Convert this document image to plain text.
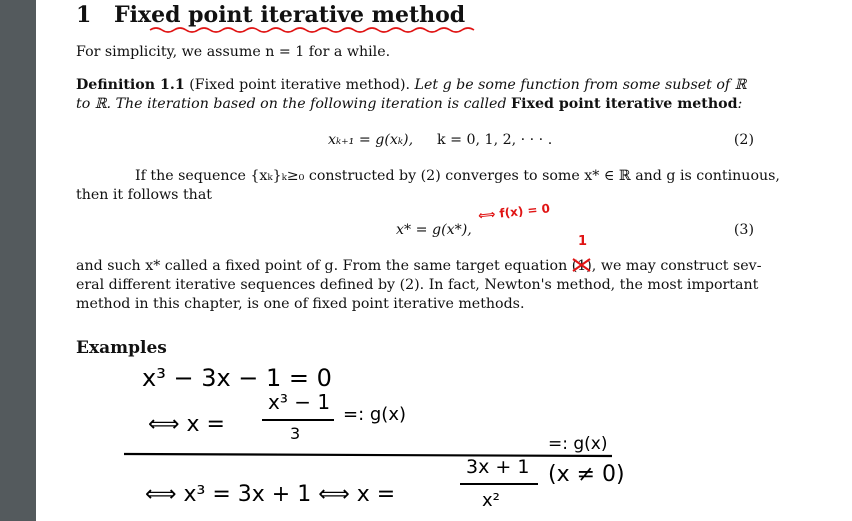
1 Fixed point iterative method
For simplicity, we assume n = 1 for a while.
Definition 1.1 (Fixed point iterative method). Let g be some function from some subset of ℝ
to ℝ. The iteration based on the following iteration is called Fixed point iterative method:
xₖ₊₁ = g(xₖ), k = 0, 1, 2, · · · .	(2)
If the sequence {xₖ}ₖ≥₀ constructed by (2) converges to some x* ∈ ℝ and g is continuous,
then it follows that
x* = g(x*),	(3)
⟺ f(x) = 0
1
and such x* called a fixed point of g. From the same target equation (1), we may construct sev-
eral different iterative sequences defined by (2). In fact, Newton's method, the most important
method in this chapter, is one of fixed point iterative methods.
Examples
x³ − 3x − 1 = 0
⟺ x =
x³ − 1
3
=: g(x)
⟺ x³ = 3x + 1 ⟺ x =
3x + 1
x²
=: g(x)
(x ≠ 0)
